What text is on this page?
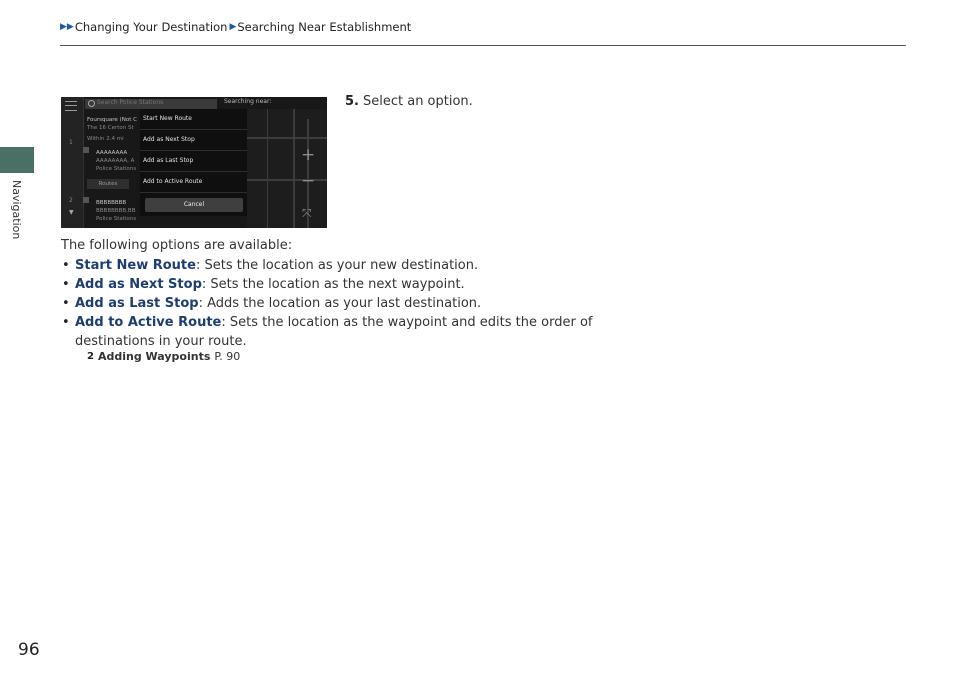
▶▶ Changing Your Destination ▶ Searching Near Establishment
Navigation
1
2
▼
Search Police Stations	Searching near:
Foursquare (Not C
The 16 Certon St
Within 2.4 mi
AAAAAAAA
AAAAAAAA, A
Police Stations
Routes
BBBBBBBB
BBBBBBBB,BB
Police Stations
+
−
⤧
Start New Route
Add as Next Stop
Add as Last Stop
Add to Active Route
Cancel
5. Select an option.
The following options are available:
• Start New Route: Sets the location as your new destination.
• Add as Next Stop: Sets the location as the next waypoint.
• Add as Last Stop: Adds the location as your last destination.
• Add to Active Route: Sets the location as the waypoint and edits the order of destinations in your route.
2 Adding Waypoints P. 90
96
